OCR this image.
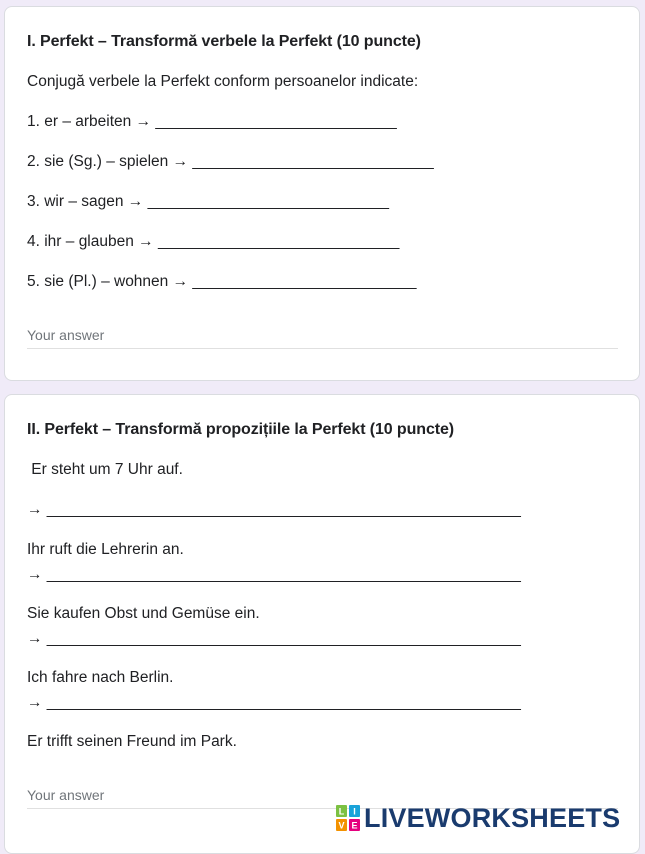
I. Perfekt – Transformă verbele la Perfekt (10 puncte)
Conjugă verbele la Perfekt conform persoanelor indicate:
1. er – arbeiten → ____________________________
2. sie (Sg.) – spielen → ____________________________
3. wir – sagen → ____________________________
4. ihr – glauben → ____________________________
5. sie (Pl.) – wohnen → __________________________
Your answer
II. Perfekt – Transformă propozițiile la Perfekt (10 puncte)
Er steht um 7 Uhr auf.
→ _______________________________________________________
Ihr ruft die Lehrerin an.
→ _______________________________________________________
Sie kaufen Obst und Gemüse ein.
→ _______________________________________________________
Ich fahre nach Berlin.
→ _______________________________________________________
Er trifft seinen Freund im Park.
Your answer
L I
V E LIVEWORKSHEETS
